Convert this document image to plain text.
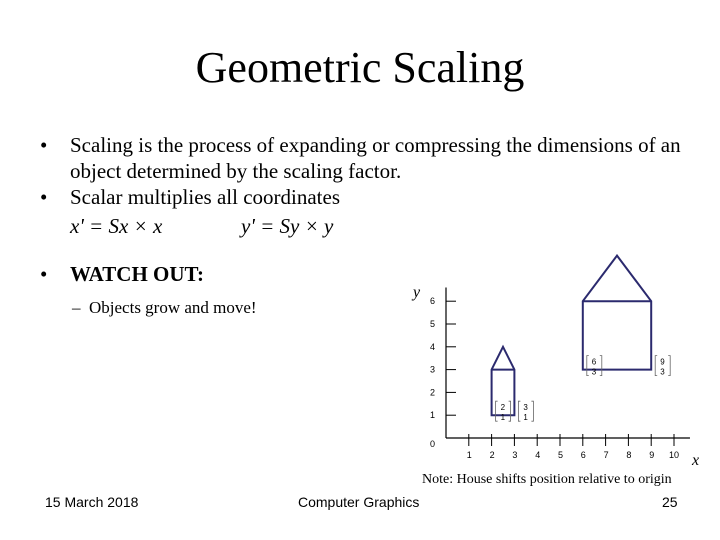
Geometric Scaling
• Scaling is the process of expanding or compressing the dimensions of an object determined by the scaling factor.
• Scalar multiplies all coordinates
x' = Sx × x	y' = Sy × y
• WATCH OUT:
– Objects grow and move!
0
1
2
3
4
5
6
1 2 3 4 5 6 7 8 9 10
2
1
3
1
6
3
9
3
y
x
Note: House shifts position relative to origin
15 March 2018	Computer Graphics	25
